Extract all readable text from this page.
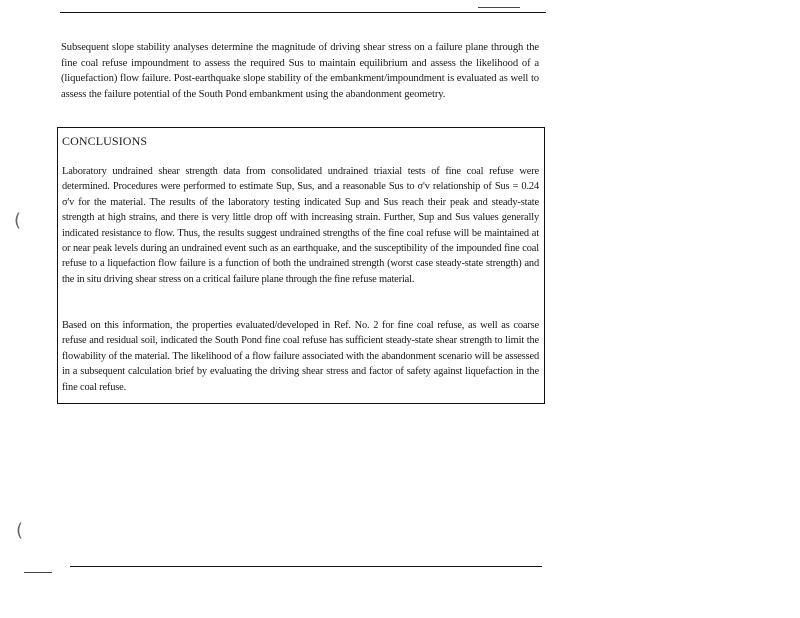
Subsequent slope stability analyses determine the magnitude of driving shear stress on a failure plane through the fine coal refuse impoundment to assess the required Sus to maintain equilibrium and assess the likelihood of a (liquefaction) flow failure. Post-earthquake slope stability of the embankment/impoundment is evaluated as well to assess the failure potential of the South Pond embankment using the abandonment geometry.

CONCLUSIONS

Laboratory undrained shear strength data from consolidated undrained triaxial tests of fine coal refuse were determined. Procedures were performed to estimate Sup, Sus, and a reasonable Sus to σ'v relationship of Sus = 0.24 σ'v for the material. The results of the laboratory testing indicated Sup and Sus reach their peak and steady-state strength at high strains, and there is very little drop off with increasing strain. Further, Sup and Sus values generally indicated resistance to flow. Thus, the results suggest undrained strengths of the fine coal refuse will be maintained at or near peak levels during an undrained event such as an earthquake, and the susceptibility of the impounded fine coal refuse to a liquefaction flow failure is a function of both the undrained strength (worst case steady-state strength) and the in situ driving shear stress on a critical failure plane through the fine refuse material.

Based on this information, the properties evaluated/developed in Ref. No. 2 for fine coal refuse, as well as coarse refuse and residual soil, indicated the South Pond fine coal refuse has sufficient steady-state shear strength to limit the flowability of the material. The likelihood of a flow failure associated with the abandonment scenario will be assessed in a subsequent calculation brief by evaluating the driving shear stress and factor of safety against liquefaction in the fine coal refuse.

(
(
